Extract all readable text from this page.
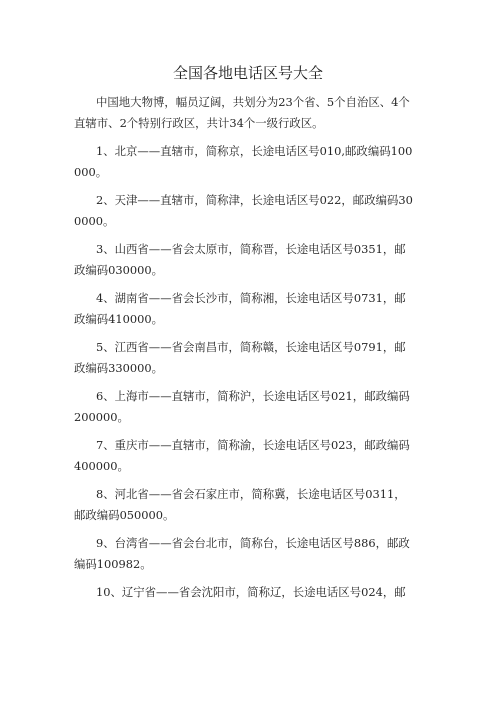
全国各地电话区号大全

中国地大物博，幅员辽阔，共划分为23个省、5个自治区、4个直辖市、2个特别行政区，共计34个一级行政区。

1、北京——直辖市，简称京，长途电话区号010,邮政编码100000。

2、天津——直辖市，简称津，长途电话区号022，邮政编码300000。

3、山西省——省会太原市，简称晋，长途电话区号0351，邮政编码030000。

4、湖南省——省会长沙市，简称湘，长途电话区号0731，邮政编码410000。

5、江西省——省会南昌市，简称赣，长途电话区号0791，邮政编码330000。

6、上海市——直辖市，简称沪，长途电话区号021，邮政编码200000。

7、重庆市——直辖市，简称渝，长途电话区号023，邮政编码400000。

8、河北省——省会石家庄市，简称冀，长途电话区号0311，邮政编码050000。

9、台湾省——省会台北市，简称台，长途电话区号886，邮政编码100982。

10、辽宁省——省会沈阳市，简称辽，长途电话区号024，邮
